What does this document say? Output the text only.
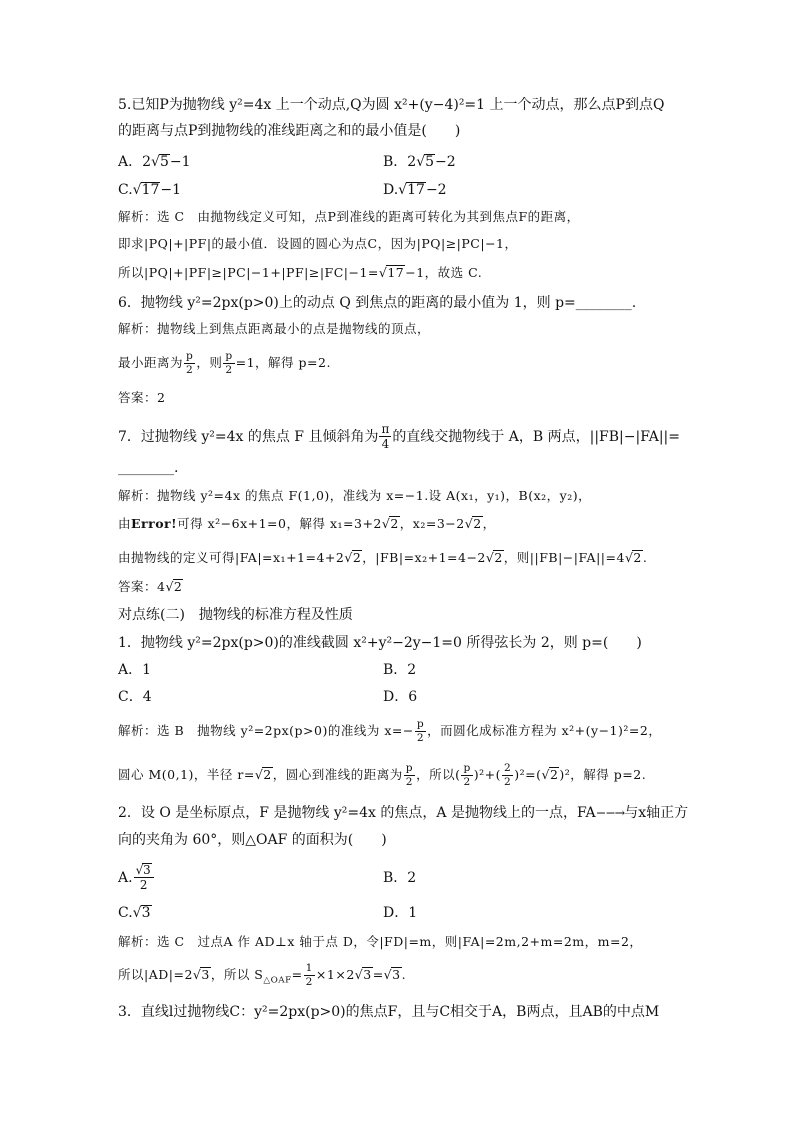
5.已知P为抛物线 y²=4x 上一个动点,Q为圆 x²+(y−4)²=1 上一个动点，那么点P到点Q
的距离与点P到抛物线的准线距离之和的最小值是(　　)
A．2√5−1	B．2√5−2
C.√17−1	D.√17−2
解析：选 C　由抛物线定义可知，点P到准线的距离可转化为其到焦点F的距离，
即求|PQ|+|PF|的最小值．设圆的圆心为点C，因为|PQ|≥|PC|−1，
所以|PQ|+|PF|≥|PC|−1+|PF|≥|FC|−1=√17−1，故选 C.
6．抛物线 y²=2px(p>0)上的动点 Q 到焦点的距离的最小值为 1，则 p=________.
解析：抛物线上到焦点距离最小的点是抛物线的顶点，
最小距离为 $\frac{p}{2}$ ，则 $\frac{p}{2} =1$，解得 p=2.
答案：2
7．过抛物线 y²=4x 的焦点 F 且倾斜角为 $\frac{\pi}{4}$ 的直线交抛物线于 A，B 两点，||FB|−|FA||=
________.
解析：抛物线 y²=4x 的焦点 F(1,0)，准线为 x=−1.设 A(x₁，y₁)，B(x₂，y₂)，
由Error!可得 x²−6x+1=0，解得 x₁=3+2√2，x₂=3−2√2，
由抛物线的定义可得|FA|=x₁+1=4+2√2，|FB|=x₂+1=4−2√2，则||FB|−|FA||=4√2.
答案：4√2
对点练(二)　抛物线的标准方程及性质
1．抛物线 y²=2px(p>0)的准线截圆 x²+y²−2y−1=0 所得弦长为 2，则 p=(　　)
A．1	B．2
C．4	D．6
解析：选 B　抛物线 y²=2px(p>0)的准线为 $x=- \frac{p}{2}$ ，而圆化成标准方程为 x²+(y−1)²=2，
圆心 M(0,1)，半径 r=√2，圆心到准线的距离为 $\frac{p}{2}$ ，所以( $\frac{p}{2} )^2+( \frac{2}{2} )^2=(√2)^2$，解得 p=2.
2．设 O 是坐标原点，F 是抛物线 y²=4x 的焦点，A 是抛物线上的一点，FA−−→与x轴正方
向的夹角为 60°，则△OAF 的面积为(　　)
A. $\frac{√3}{2}$	B．2
C.√3	D．1
解析：选 C　过点A 作 AD⊥x 轴于点 D，令|FD|=m，则|FA|=2m,2+m=2m，m=2，
所以|AD|=2√3，所以 $S_{\triangle OAF}= \frac{1}{2} \times 1\times 2√3=√3$.
3．直线l过抛物线C：y²=2px(p>0)的焦点F，且与C相交于A，B两点，且AB的中点M
